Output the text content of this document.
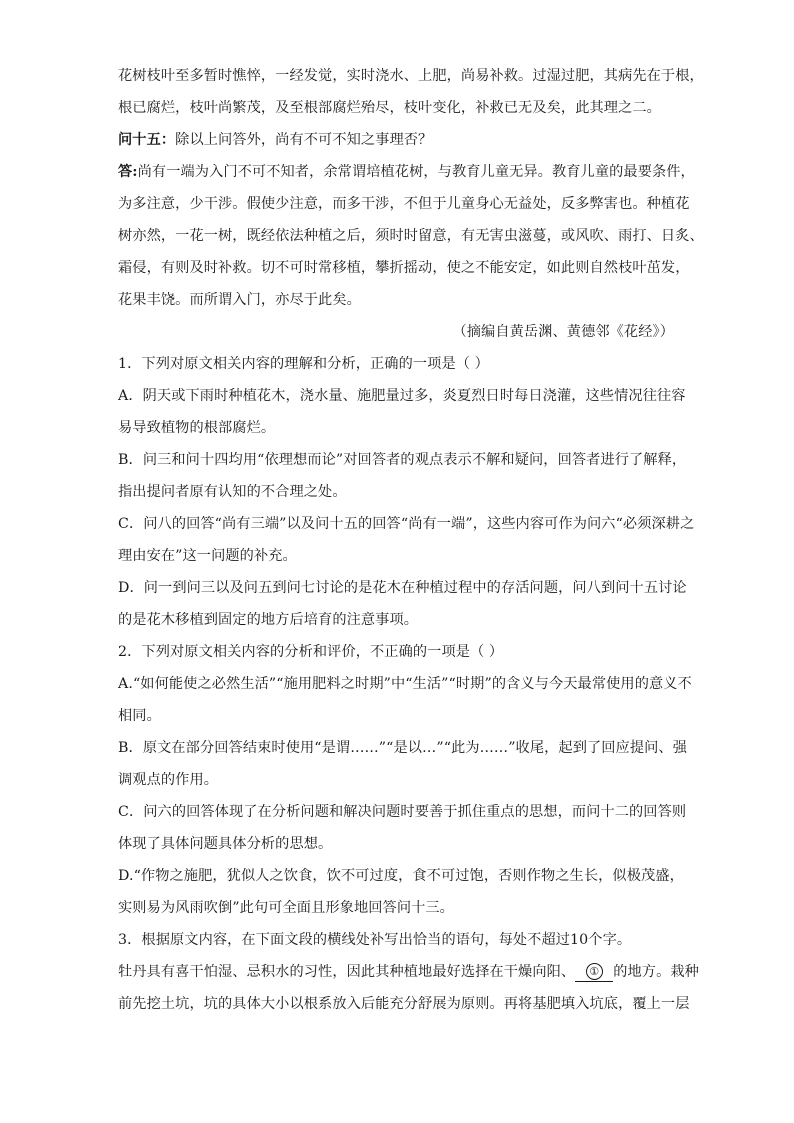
花树枝叶至多暂时憔悴，一经发觉，实时浇水、上肥，尚易补救。过湿过肥，其病先在于根，
根已腐烂，枝叶尚繁茂，及至根部腐烂殆尽，枝叶变化，补救已无及矣，此其理之二。
问十五：除以上问答外，尚有不可不知之事理否？
答:尚有一端为入门不可不知者，余常谓培植花树，与教育儿童无异。教育儿童的最要条件，
为多注意，少干涉。假使少注意，而多干涉，不但于儿童身心无益处，反多弊害也。种植花
树亦然，一花一树，既经依法种植之后，须时时留意，有无害虫滋蔓，或风吹、雨打、日炙、
霜侵，有则及时补救。切不可时常移植，攀折摇动，使之不能安定，如此则自然枝叶茁发，
花果丰饶。而所谓入门，亦尽于此矣。
（摘编自黄岳渊、黄德邻《花经》）
1．下列对原文相关内容的理解和分析，正确的一项是（ ）
A．阴天或下雨时种植花木，浇水量、施肥量过多，炎夏烈日时每日浇灌，这些情况往往容
易导致植物的根部腐烂。
B．问三和问十四均用“依理想而论”对回答者的观点表示不解和疑问，回答者进行了解释，
指出提问者原有认知的不合理之处。
C．问八的回答“尚有三端”以及问十五的回答“尚有一端”，这些内容可作为问六“必须深耕之
理由安在”这一问题的补充。
D．问一到问三以及问五到问七讨论的是花木在种植过程中的存活问题，问八到问十五讨论
的是花木移植到固定的地方后培育的注意事项。
2．下列对原文相关内容的分析和评价，不正确的一项是（ ）
A.“如何能使之必然生活”“施用肥料之时期”中“生活”“时期”的含义与今天最常使用的意义不
相同。
B．原文在部分回答结束时使用“是谓……”“是以…”“此为……”收尾，起到了回应提问、强
调观点的作用。
C．问六的回答体现了在分析问题和解决问题时要善于抓住重点的思想，而问十二的回答则
体现了具体问题具体分析的思想。
D.“作物之施肥，犹似人之饮食，饮不可过度，食不可过饱，否则作物之生长，似极茂盛，
实则易为风雨吹倒”此句可全面且形象地回答问十三。
3．根据原文内容，在下面文段的横线处补写出恰当的语句，每处不超过10个字。
牡丹具有喜干怕湿、忌积水的习性，因此其种植地最好选择在干燥向阳、 ① 的地方。栽种
前先挖土坑，坑的具体大小以根系放入后能充分舒展为原则。再将基肥填入坑底，覆上一层
